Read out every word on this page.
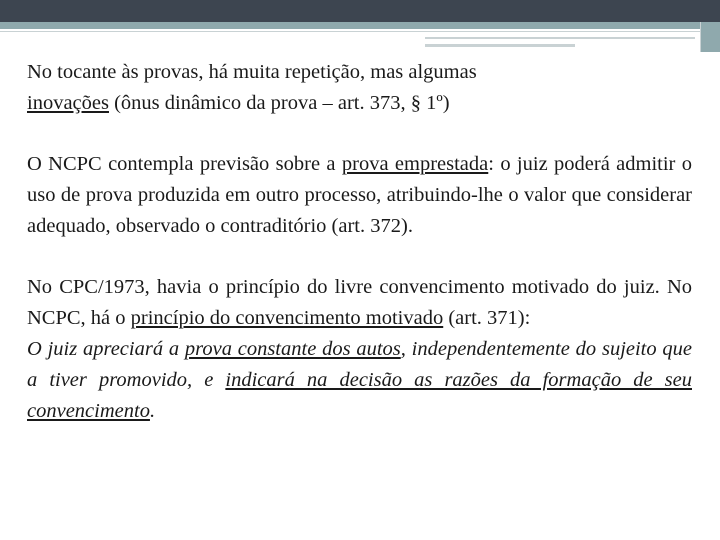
No tocante às provas, há muita repetição, mas algumas
inovações (ônus dinâmico da prova – art. 373, § 1º)

O NCPC contempla previsão sobre a prova emprestada: o juiz poderá admitir o uso de prova produzida em outro processo, atribuindo-lhe o valor que considerar adequado, observado o contraditório (art. 372).

No CPC/1973, havia o princípio do livre convencimento motivado do juiz. No NCPC, há o princípio do convencimento motivado (art. 371):

O juiz apreciará a prova constante dos autos, independentemente do sujeito que a tiver promovido, e indicará na decisão as razões da formação de seu convencimento.
